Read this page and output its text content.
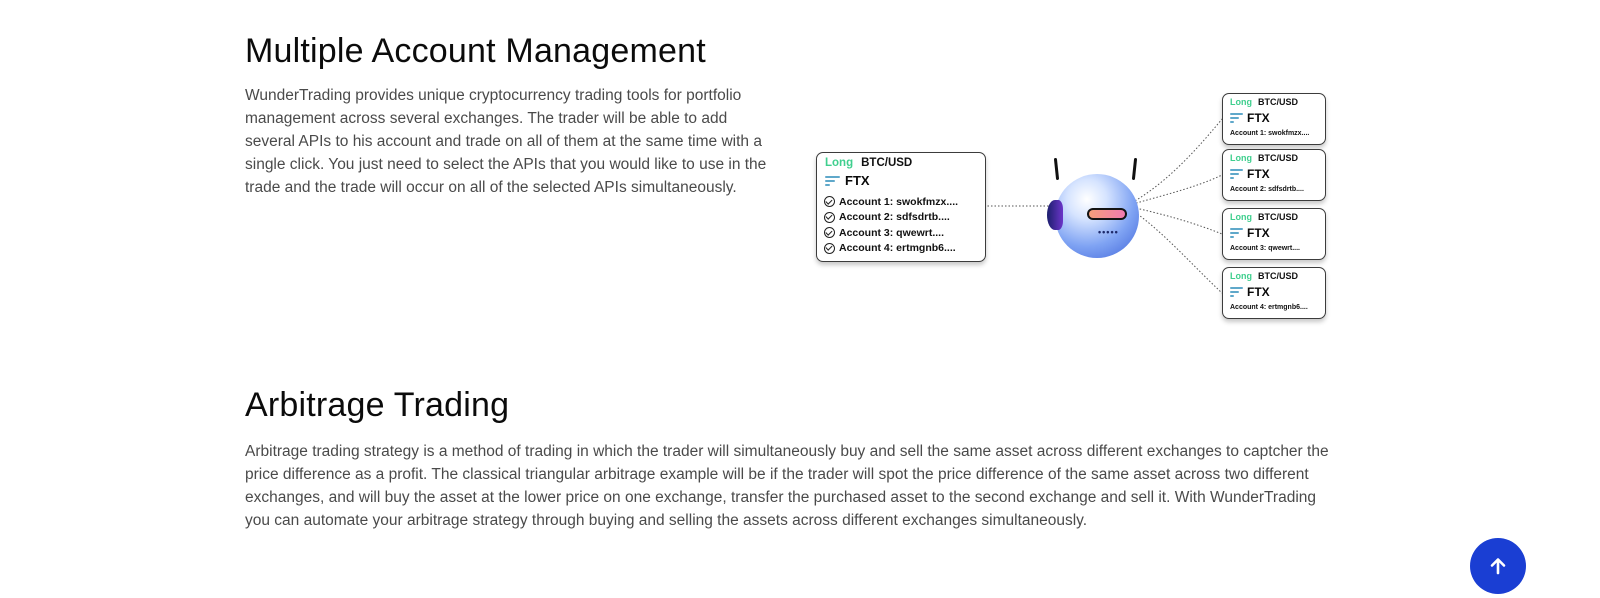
Multiple Account Management

WunderTrading provides unique cryptocurrency trading tools for portfolio management across several exchanges. The trader will be able to add several APIs to his account and trade on all of them at the same time with a single click. You just need to select the APIs that you would like to use in the trade and the trade will occur on all of the selected APIs simultaneously.

Long BTC/USD
FTX
Account 1: swokfmzx....
Account 2: sdfsdrtb....
Account 3: qwewrt....
Account 4: ertmgnb6....
•••••
Long BTC/USD
FTX
Account 1: swokfmzx....
Long BTC/USD
FTX
Account 2: sdfsdrtb....
Long BTC/USD
FTX
Account 3: qwewrt....
Long BTC/USD
FTX
Account 4: ertmgnb6....
Arbitrage Trading

Arbitrage trading strategy is a method of trading in which the trader will simultaneously buy and sell the same asset across different exchanges to captcher the price difference as a profit. The classical triangular arbitrage example will be if the trader will spot the price difference of the same asset across two different exchanges, and will buy the asset at the lower price on one exchange, transfer the purchased asset to the second exchange and sell it. With WunderTrading you can automate your arbitrage strategy through buying and selling the assets across different exchanges simultaneously.
